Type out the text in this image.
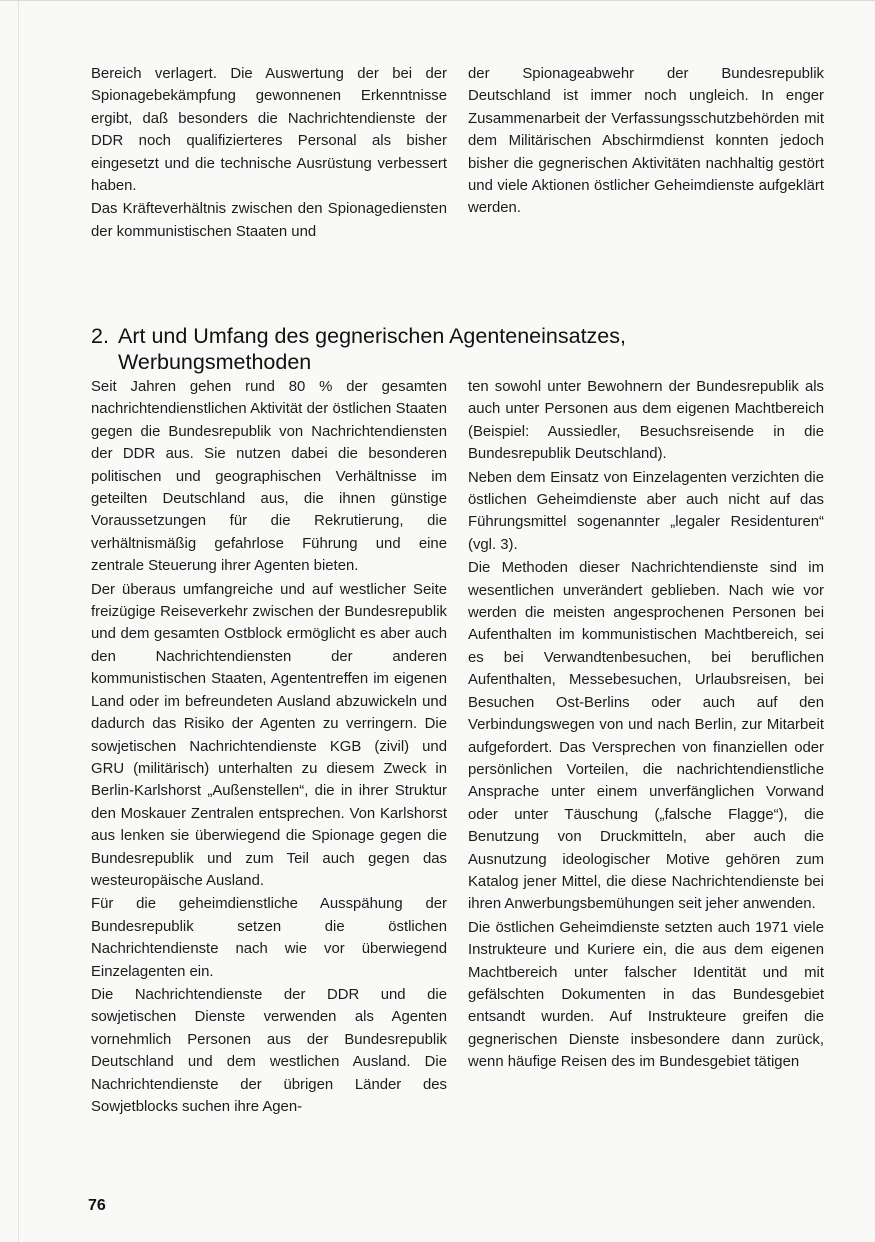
Bereich verlagert. Die Auswertung der bei der Spionagebekämpfung gewonnenen Erkenntnisse ergibt, daß besonders die Nachrichtendienste der DDR noch qualifizierteres Personal als bisher eingesetzt und die technische Ausrüstung verbessert haben.

Das Kräfteverhältnis zwischen den Spionagediensten der kommunistischen Staaten und

der Spionageabwehr der Bundesrepublik Deutschland ist immer noch ungleich. In enger Zusammenarbeit der Verfassungsschutzbehörden mit dem Militärischen Abschirmdienst konnten jedoch bisher die gegnerischen Aktivitäten nachhaltig gestört und viele Aktionen östlicher Geheimdienste aufgeklärt werden.

2. Art und Umfang des gegnerischen Agenteneinsatzes,
Werbungsmethoden

Seit Jahren gehen rund 80 % der gesamten nachrichtendienstlichen Aktivität der östlichen Staaten gegen die Bundesrepublik von Nachrichtendiensten der DDR aus. Sie nutzen dabei die besonderen politischen und geographischen Verhältnisse im geteilten Deutschland aus, die ihnen günstige Voraussetzungen für die Rekrutierung, die verhältnismäßig gefahrlose Führung und eine zentrale Steuerung ihrer Agenten bieten.

Der überaus umfangreiche und auf westlicher Seite freizügige Reiseverkehr zwischen der Bundesrepublik und dem gesamten Ostblock ermöglicht es aber auch den Nachrichtendiensten der anderen kommunistischen Staaten, Agententreffen im eigenen Land oder im befreundeten Ausland abzuwickeln und dadurch das Risiko der Agenten zu verringern. Die sowjetischen Nachrichtendienste KGB (zivil) und GRU (militärisch) unterhalten zu diesem Zweck in Berlin-Karlshorst „Außenstellen“, die in ihrer Struktur den Moskauer Zentralen entsprechen. Von Karlshorst aus lenken sie überwiegend die Spionage gegen die Bundesrepublik und zum Teil auch gegen das westeuropäische Ausland.

Für die geheimdienstliche Ausspähung der Bundesrepublik setzen die östlichen Nachrichtendienste nach wie vor überwiegend Einzelagenten ein.

Die Nachrichtendienste der DDR und die sowjetischen Dienste verwenden als Agenten vornehmlich Personen aus der Bundesrepublik Deutschland und dem westlichen Ausland. Die Nachrichtendienste der übrigen Länder des Sowjetblocks suchen ihre Agen-

ten sowohl unter Bewohnern der Bundesrepublik als auch unter Personen aus dem eigenen Machtbereich (Beispiel: Aussiedler, Besuchsreisende in die Bundesrepublik Deutschland).

Neben dem Einsatz von Einzelagenten verzichten die östlichen Geheimdienste aber auch nicht auf das Führungsmittel sogenannter „legaler Residenturen“ (vgl. 3).

Die Methoden dieser Nachrichtendienste sind im wesentlichen unverändert geblieben. Nach wie vor werden die meisten angesprochenen Personen bei Aufenthalten im kommunistischen Machtbereich, sei es bei Verwandtenbesuchen, bei beruflichen Aufenthalten, Messebesuchen, Urlaubsreisen, bei Besuchen Ost-Berlins oder auch auf den Verbindungswegen von und nach Berlin, zur Mitarbeit aufgefordert. Das Versprechen von finanziellen oder persönlichen Vorteilen, die nachrichtendienstliche Ansprache unter einem unverfänglichen Vorwand oder unter Täuschung („falsche Flagge“), die Benutzung von Druckmitteln, aber auch die Ausnutzung ideologischer Motive gehören zum Katalog jener Mittel, die diese Nachrichtendienste bei ihren Anwerbungsbemühungen seit jeher anwenden.

Die östlichen Geheimdienste setzten auch 1971 viele Instrukteure und Kuriere ein, die aus dem eigenen Machtbereich unter falscher Identität und mit gefälschten Dokumenten in das Bundesgebiet entsandt wurden. Auf Instrukteure greifen die gegnerischen Dienste insbesondere dann zurück, wenn häufige Reisen des im Bundesgebiet tätigen

76
